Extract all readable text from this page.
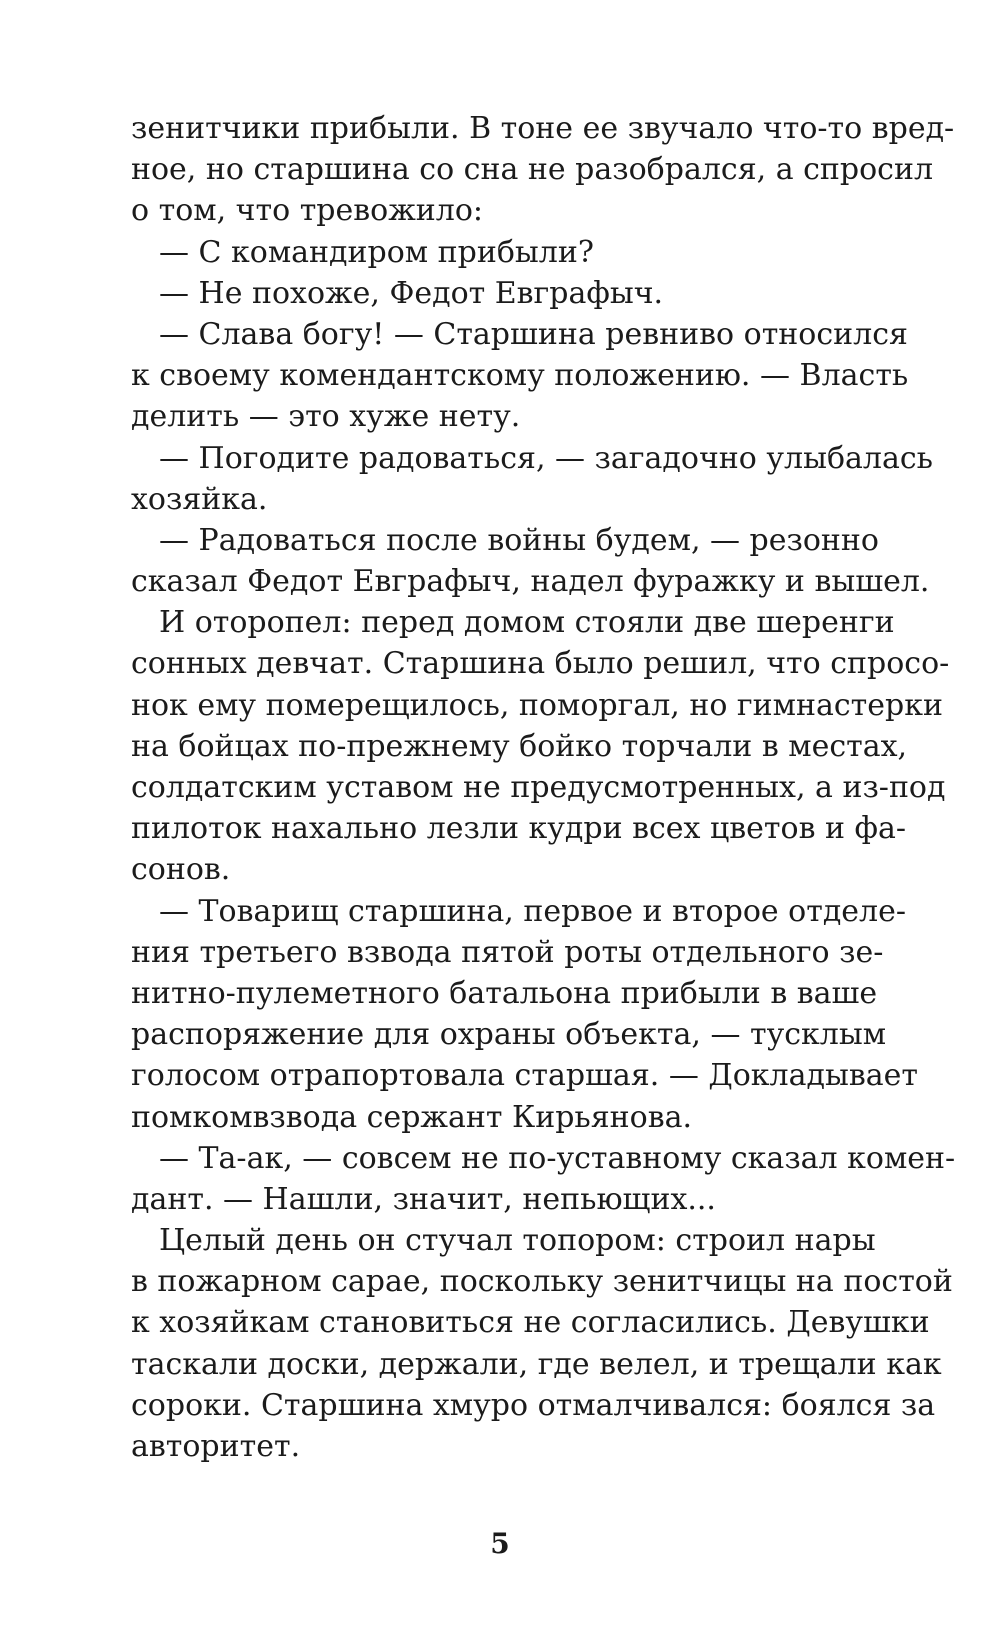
зенитчики прибыли. В тоне ее звучало что-то вред-
ное, но старшина со сна не разобрался, а спросил
о том, что тревожило:
— С командиром прибыли?
— Не похоже, Федот Евграфыч.
— Слава богу! — Старшина ревниво относился
к своему комендантскому положению. — Власть
делить — это хуже нету.
— Погодите радоваться, — загадочно улыбалась
хозяйка.
— Радоваться после войны будем, — резонно
сказал Федот Евграфыч, надел фуражку и вышел.
И оторопел: перед домом стояли две шеренги
сонных девчат. Старшина было решил, что спросо-
нок ему померещилось, поморгал, но гимнастерки
на бойцах по-прежнему бойко торчали в местах,
солдатским уставом не предусмотренных, а из-под
пилоток нахально лезли кудри всех цветов и фа-
сонов.
— Товарищ старшина, первое и второе отделе-
ния третьего взвода пятой роты отдельного зе-
нитно-пулеметного батальона прибыли в ваше
распоряжение для охраны объекта, — тусклым
голосом отрапортовала старшая. — Докладывает
помкомвзвода сержант Кирьянова.
— Та-ак, — совсем не по-уставному сказал комен-
дант. — Нашли, значит, непьющих...
Целый день он стучал топором: строил нары
в пожарном сарае, поскольку зенитчицы на постой
к хозяйкам становиться не согласились. Девушки
таскали доски, держали, где велел, и трещали как
сороки. Старшина хмуро отмалчивался: боялся за
авторитет.
5
